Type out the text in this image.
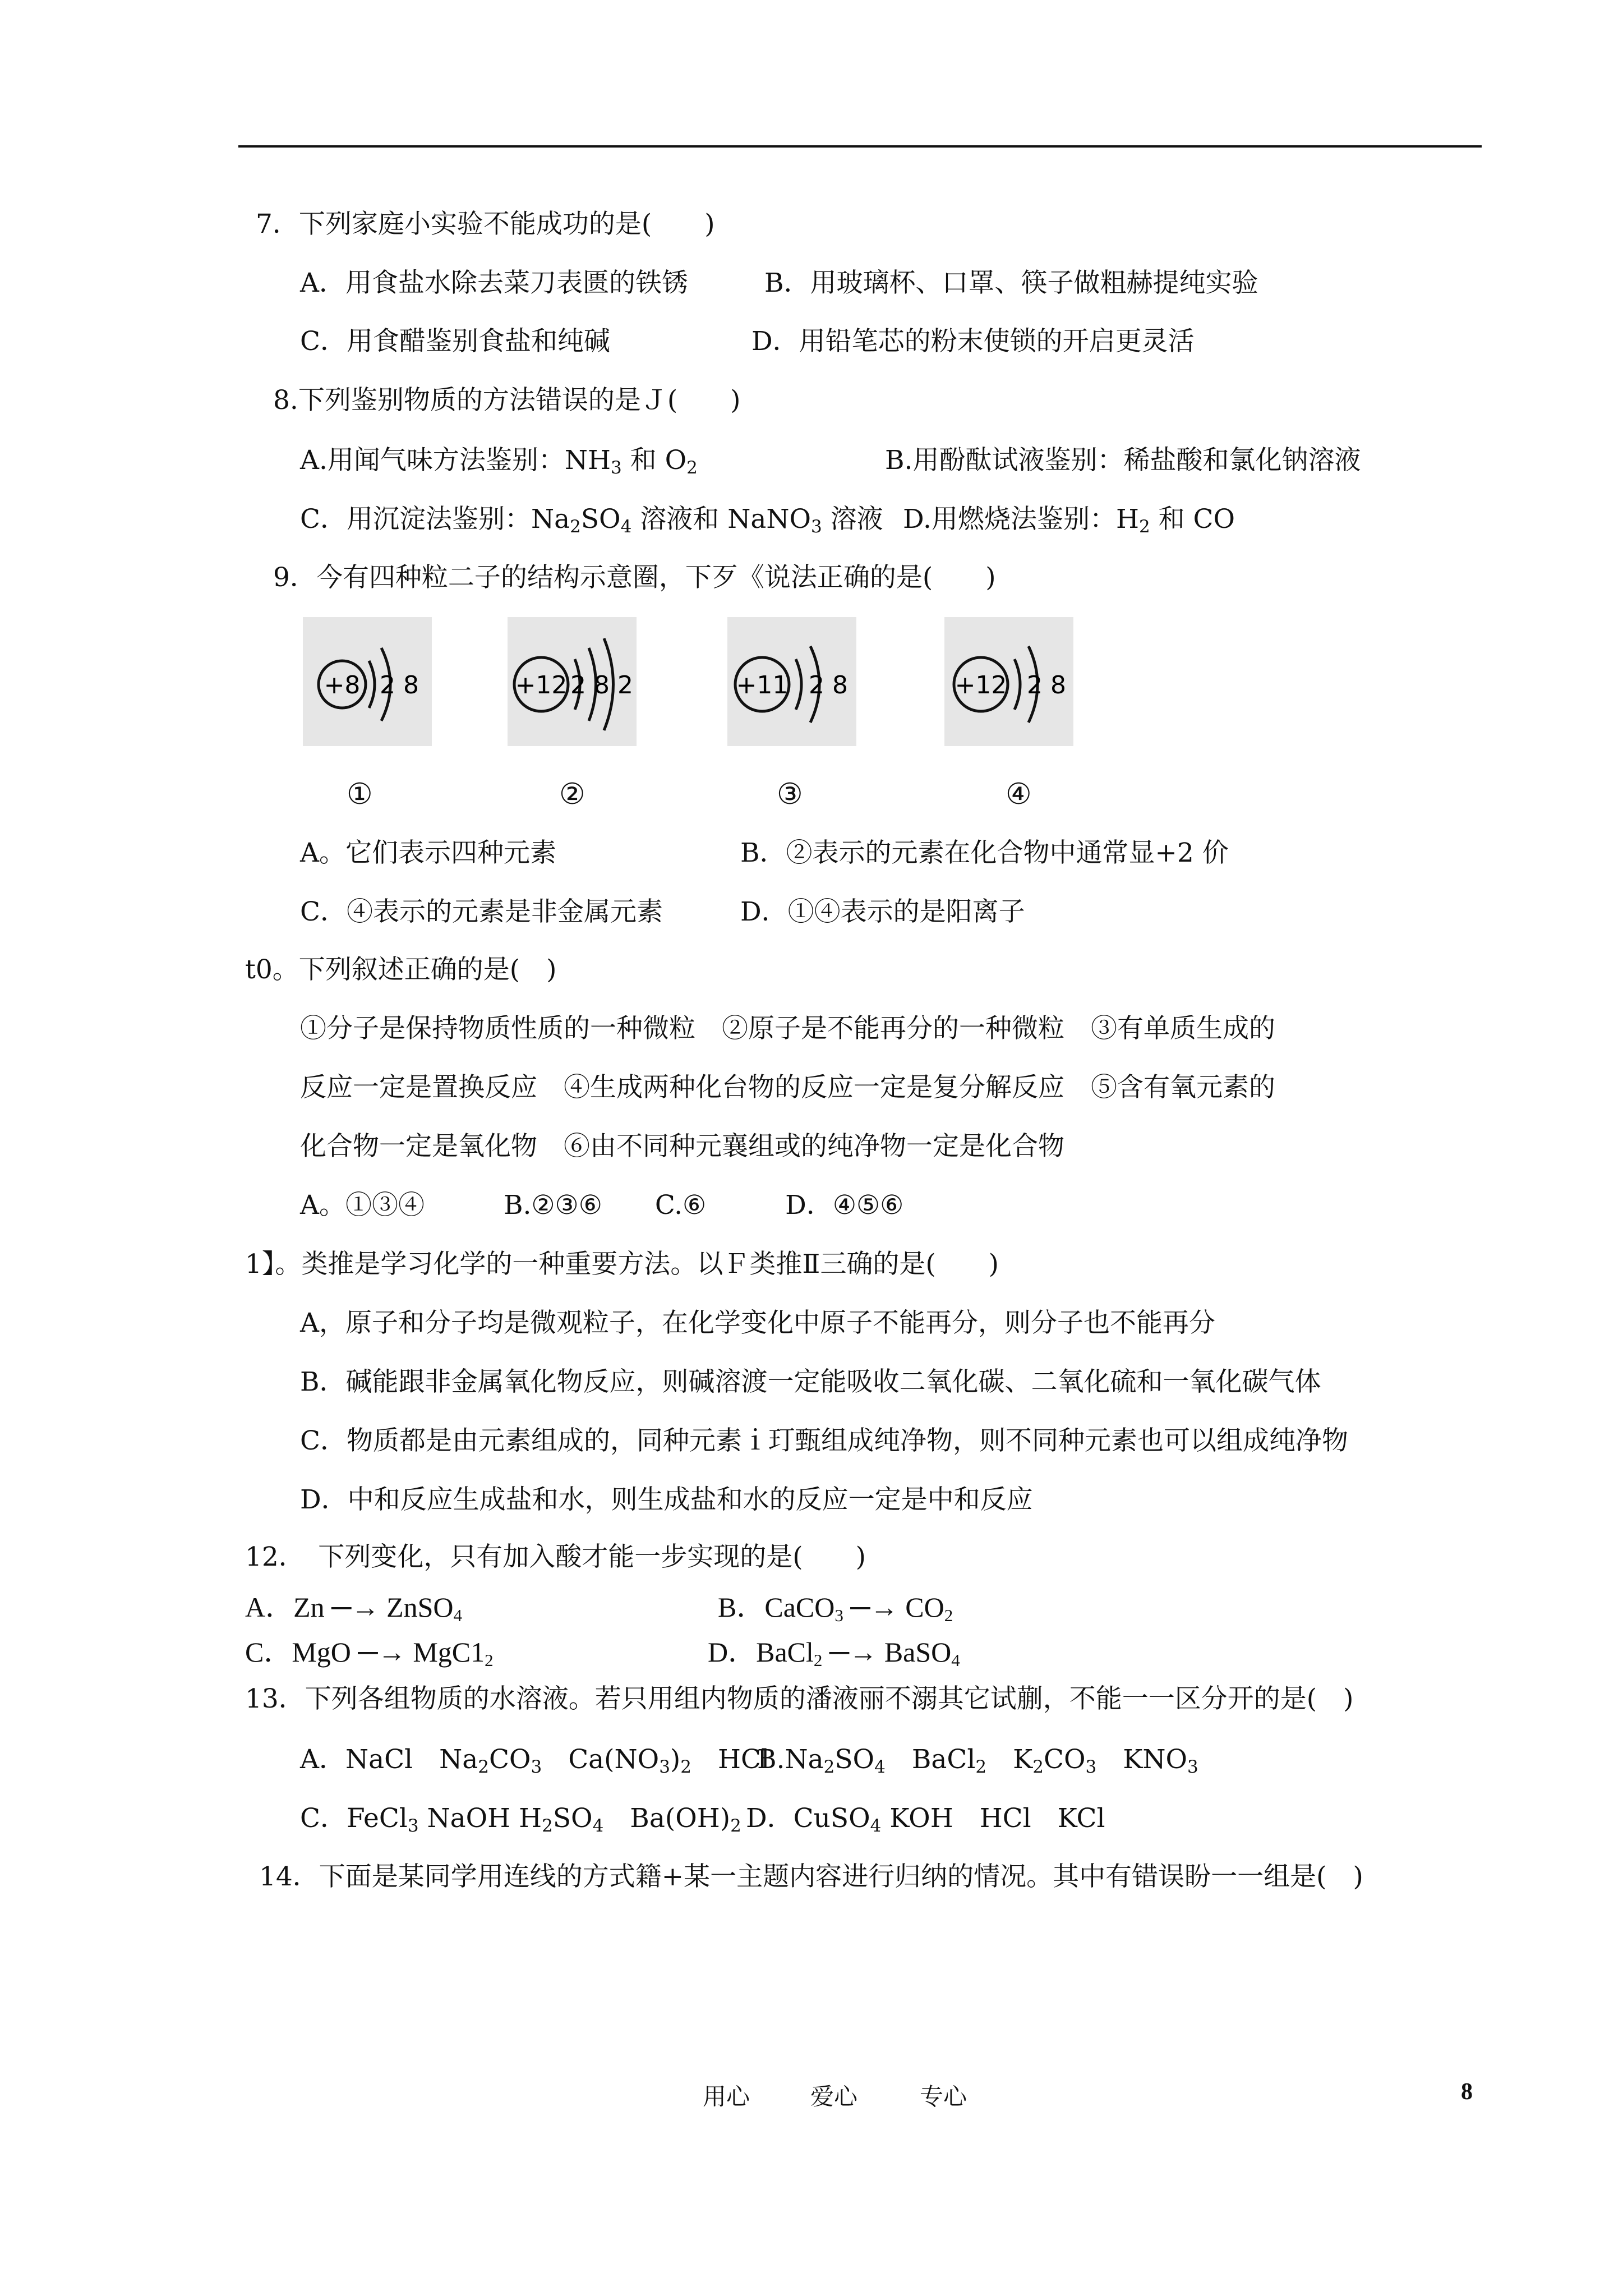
7．下列家庭小实验不能成功的是(　　)
A．用食盐水除去菜刀表匮的铁锈	B．用玻璃杯、口罩、筷子做粗赫提纯实验
C．用食醋鉴别食盐和纯碱	D．用铅笔芯的粉末使锁的开启更灵活
8.下列鉴别物质的方法错误的是Ｊ(　　)
A.用闻气味方法鉴别：$NH_3$ 和 $O_2$	B.用酚酞试液鉴别：稀盐酸和氯化钠溶液
C．用沉淀法鉴别：$Na_2SO_4$ 溶液和 NaNO$_3$ 溶液 D.用燃烧法鉴别：$H_2$ 和 CO
9．今有四种粒二子的结构示意圈，下歹《说法正确的是(　　)
+8 2 8	+12 2 8 2	+11 2 8	+12 2 8
①	②	③	④
A。它们表示四种元素	B．②表示的元素在化合物中通常显+2 价
C．④表示的元素是非金属元素	D．①④表示的是阳离子
t0。下列叙述正确的是(　)
①分子是保持物质性质的一种微粒　②原子是不能再分的一种微粒　③有单质生成的
反应一定是置换反应　④生成两种化台物的反应一定是复分解反应　⑤含有氧元素的
化合物一定是氧化物　⑥由不同种元襄组或的纯净物一定是化合物
A。①③④　　　B.②③⑥　　C.⑥　　　D．④⑤⑥
1】。类推是学习化学的一种重要方法。以Ｆ类推Ⅱ三确的是(　　)
A，原子和分子均是微观粒子，在化学变化中原子不能再分，则分子也不能再分
B．碱能跟非金属氧化物反应，则碱溶渡一定能吸收二氧化碳、二氧化硫和一氧化碳气体
C．物质都是由元素组成的，同种元素ｉ玎甄组成纯净物，则不同种元素也可以组成纯净物
D．中和反应生成盐和水，则生成盐和水的反应一定是中和反应
12．　下列变化，只有加入酸才能一步实现的是(　　)
A．Zn ─→ ZnSO$_4$	B．CaCO$_3$ ─→ $CO_2$
C．MgO ─→ $MgC1_2$	D．BaCl$_2$ ─→ BaSO$_4$
13．下列各组物质的水溶液。若只用组内物质的潘液丽不溺其它试蒯，不能一一区分开的是(　)
A．NaCl　$Na_2CO_3$　$Ca(NO_3)_2$　HCl
$B.Na_2SO_4$　BaCl$_2$　$K_2CO_3$　$KNO_3$
C．FeCl$_3$ NaOH $H_2SO_4$　$Ba(OH)_2$ D．CuSO$_4$ KOH　HCl　KCl
14．下面是某同学用连线的方式籍+某一主题内容进行归纳的情况。其中有错误盼一一组是(　)
用心	爱心	专心	8
